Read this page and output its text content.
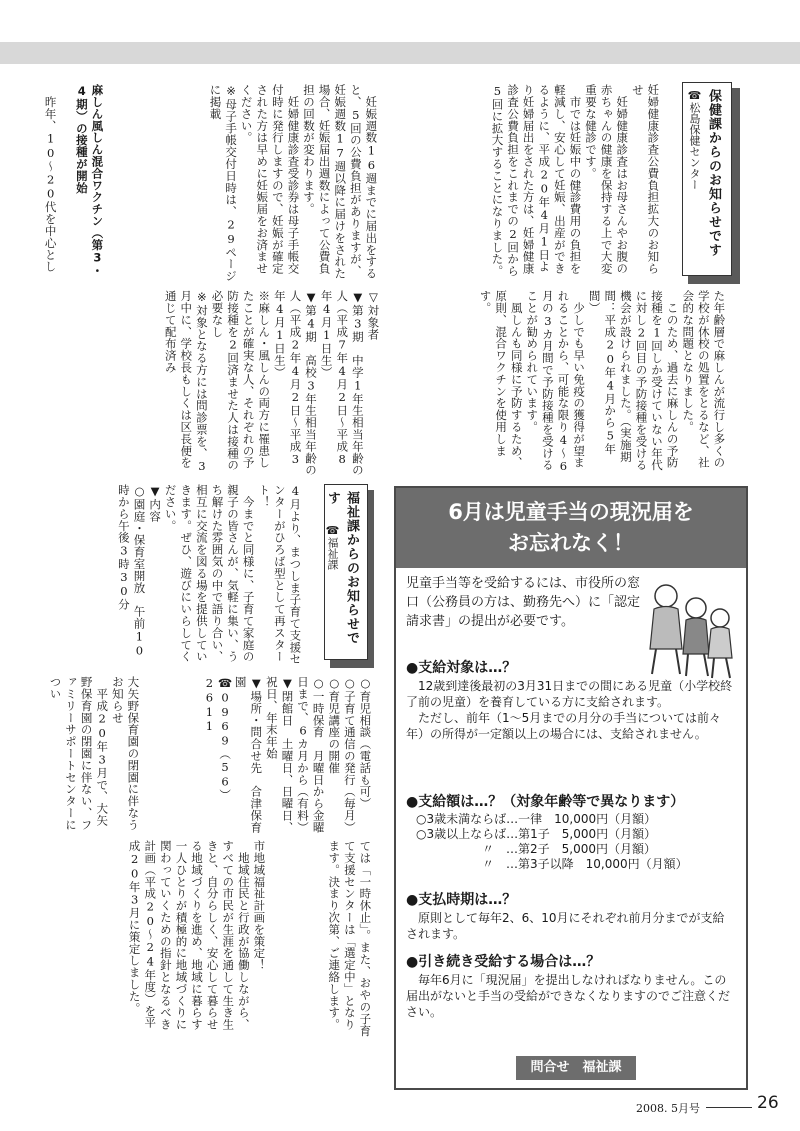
保健課からのお知らせです ☎松島保健センター

妊婦健康診査公費負担拡大のお知らせ
　妊婦健康診査はお母さんやお腹の赤ちゃんの健康を保持する上で大変重要な健診です。
　市では妊娠中の健診費用の負担を軽減し、安心して妊娠、出産ができるように、平成20年4月1日より妊婦届出をされた方は、妊婦健康診査公費負担をこれまでの2回から5回に拡大することになりました。

　妊娠週数16週までに届出をすると、5回の公費負担がありますが、妊娠週数17週以降に届けをされた場合、妊娠届出週数によって公費負担の回数が変わります。
　妊婦健康診査受診券は母子手帳交付時に発行しますので、妊娠が確定された方は早めに妊娠届をお済ませください。
※母子手帳交付日時は、29ページに掲載

麻しん風しん混合ワクチン（第3・4期）の接種が開始

　昨年、10～20代を中心とし

た年齢層で麻しんが流行し多くの学校が休校の処置をとるなど、社会的な問題となりました。
　このため、過去に麻しんの予防接種を1回しか受けていない年代に対し2回目の予防接種を受ける機会が設けられました。（実施期間：平成20年4月から5年間）
　少しでも早い免疫の獲得が望まれることから、可能な限り4～6月の3カ月間で予防接種を受けることが勧められています。
　風しんも同様に予防するため、原則、混合ワクチンを使用します。

▽対象者
▼第3期　中学1年生相当年齢の人（平成7年4月2日～平成8年4月1日生）
▼第4期　高校3年生相当年齢の人（平成2年4月2日～平成3年4月1日生）
※麻しん・風しんの両方に罹患したことが確実な人、それぞれの予防接種を2回済ませた人は接種の必要なし
※対象となる方には問診票を、3月中に、学校長もしくは区長便を通じて配布済み

福祉課からのお知らせです ☎福祉課

4月より、まつしま子育て支援センターがひろば型として再スタート！
　今までと同様に、子育て家庭の親子の皆さんが、気軽に集い、うち解けた雰囲気の中で語り合い、相互に交流を図る場を提供していきます。ぜひ、遊びにいらしてください。
▼内容
○園庭・保育室開放　午前10時から午後3時30分

○育児相談（電話も可）
○子育て通信の発行（毎月）
○育児講座の開催
○一時保育　月曜日から金曜日まで、6カ月から（有料）
▼閉館日　土曜日、日曜日、祝日、年末年始
▼場所・問合せ先　合津保育園
☎0969（56）2611

大矢野保育園の閉園に伴なうお知らせ
　平成20年3月で、大矢野保育園の閉園に伴ない、ファミリーサポートセンターについ

ては「一時休止」。また、おやの子育て支援センターは「選定中」となります。決まり次第、ご連絡します。

市地域福祉計画を策定！
　地域住民と行政が協働しながら、すべての市民が生涯を通して生き生きと、自分らしく、安心して暮らせる地域づくりを進め、地域に暮らす一人ひとりが積極的に地域づくりに関わっていくための指針となるべき計画（平成20～24年度）を平成20年3月に策定しました。

6月は児童手当の現況届を
お忘れなく！
児童手当等を受給するには、市役所の窓口（公務員の方は、勤務先へ）に「認定請求書」の提出が必要です。
●支給対象は…？

　12歳到達後最初の3月31日までの間にある児童（小学校終了前の児童）を養育している方に支給されます。

　ただし、前年（1～5月までの月分の手当については前々年）の所得が一定額以上の場合には、支給されません。

●支給額は…？（対象年齢等で異なります）
○3歳未満ならば…一律　10,000円（月額）
○3歳以上ならば…第1子　5,000円（月額）
〃　…第2子　5,000円（月額）
〃　…第3子以降　10,000円（月額）
●支払時期は…？

　原則として毎年2、6、10月にそれぞれ前月分までが支給されます。

●引き続き受給する場合は…？

　毎年6月に「現況届」を提出しなければなりません。この届出がないと手当の受給ができなくなりますのでご注意ください。

問合せ　福祉課
2008. 5月号	26
